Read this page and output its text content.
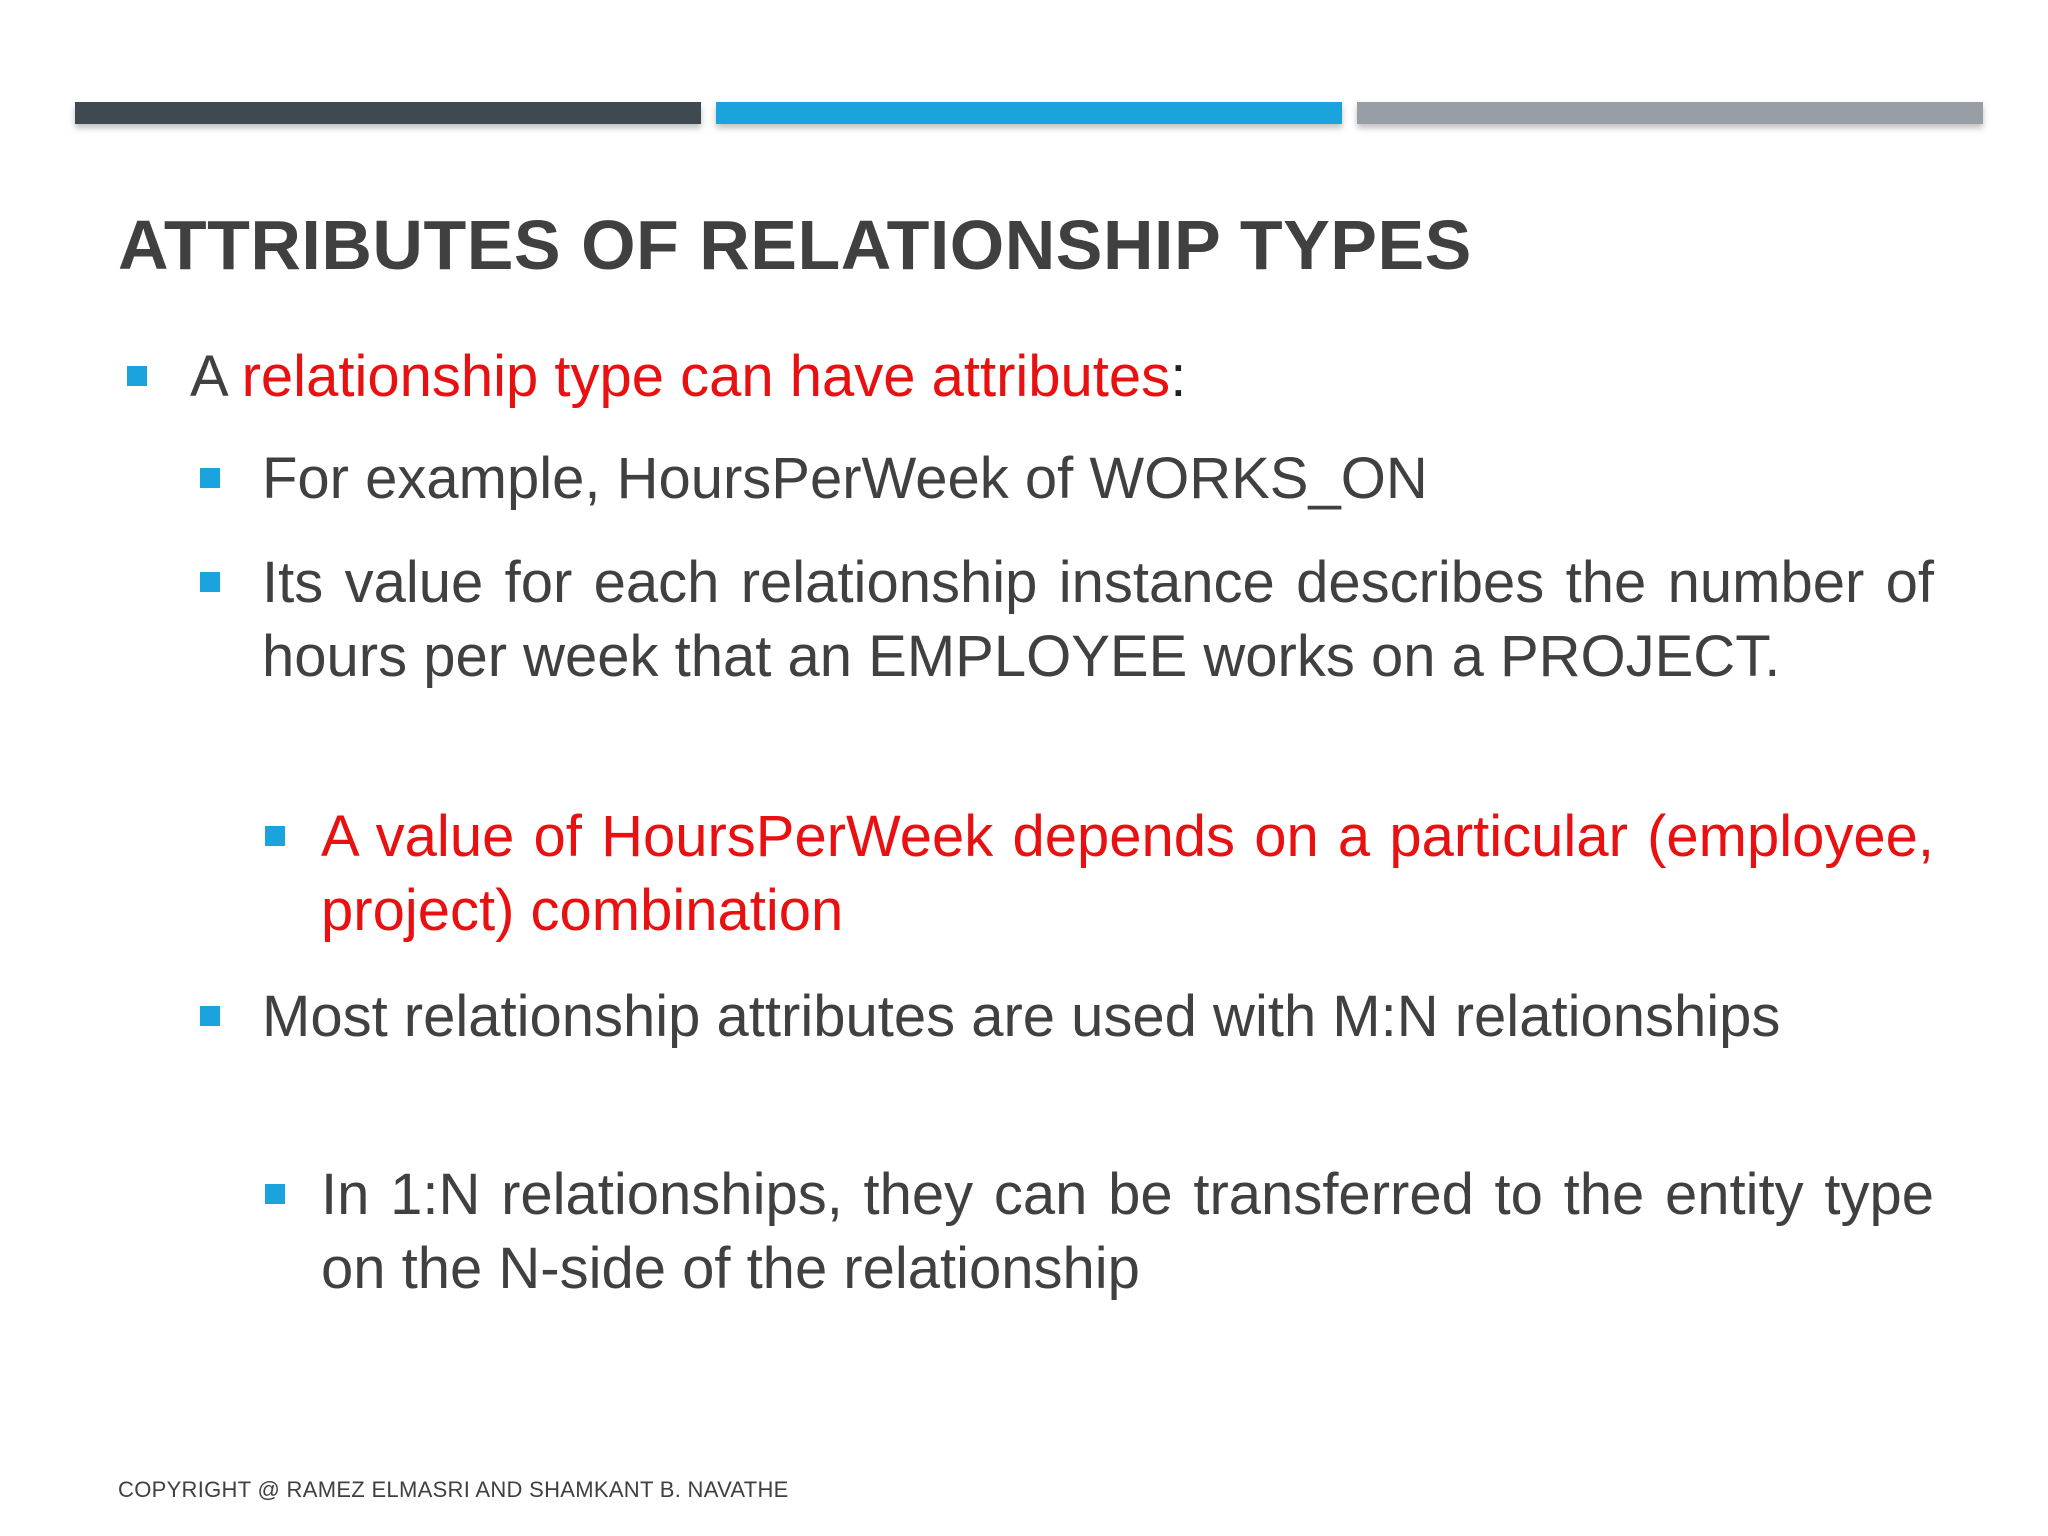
ATTRIBUTES OF RELATIONSHIP TYPES
A relationship type can have attributes:
For example, HoursPerWeek of WORKS_ON
Its value for each relationship instance describes the number of hours per week that an EMPLOYEE works on a PROJECT.
A value of HoursPerWeek depends on a particular (employee, project) combination
Most relationship attributes are used with M:N relationships
In 1:N relationships, they can be transferred to the entity type on the N-side of the relationship
COPYRIGHT @ RAMEZ ELMASRI AND SHAMKANT B. NAVATHE
